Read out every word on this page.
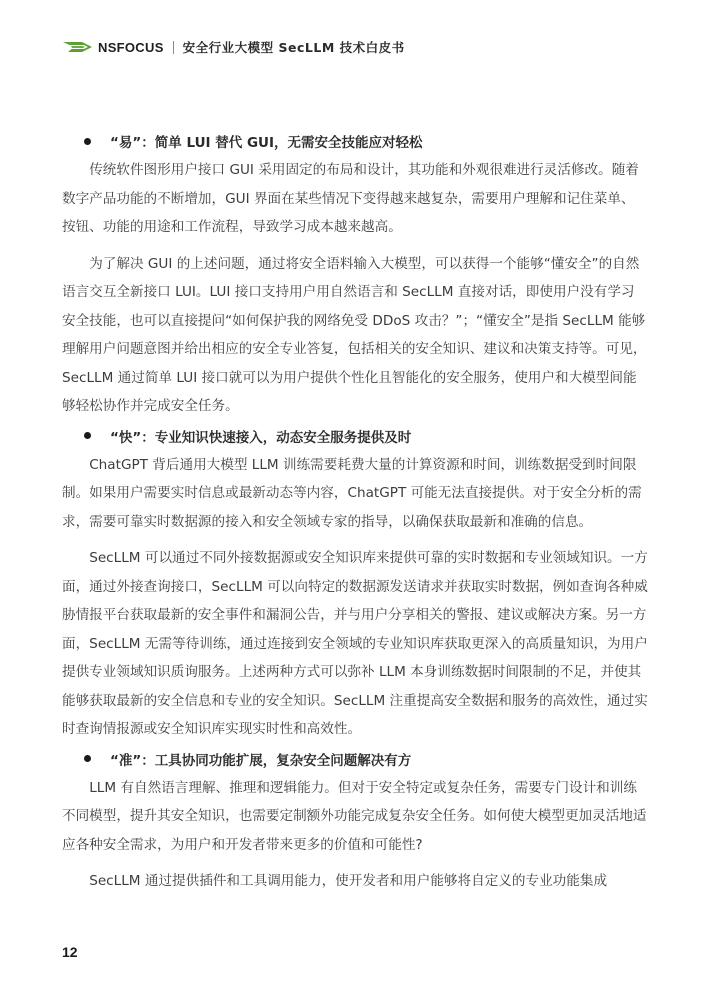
NSFOCUS 安全行业大模型 SecLLM 技术白皮书
“易”：简单 LUI 替代 GUI，无需安全技能应对轻松

传统软件图形用户接口 GUI 采用固定的布局和设计，其功能和外观很难进行灵活修改。随着数字产品功能的不断增加，GUI 界面在某些情况下变得越来越复杂，需要用户理解和记住菜单、按钮、功能的用途和工作流程，导致学习成本越来越高。

为了解决 GUI 的上述问题，通过将安全语料输入大模型，可以获得一个能够“懂安全”的自然语言交互全新接口 LUI。LUI 接口支持用户用自然语言和 SecLLM 直接对话，即使用户没有学习安全技能，也可以直接提问“如何保护我的网络免受 DDoS 攻击？”；“懂安全”是指 SecLLM 能够理解用户问题意图并给出相应的安全专业答复，包括相关的安全知识、建议和决策支持等。可见，SecLLM 通过简单 LUI 接口就可以为用户提供个性化且智能化的安全服务，使用户和大模型间能够轻松协作并完成安全任务。

“快”：专业知识快速接入，动态安全服务提供及时

ChatGPT 背后通用大模型 LLM 训练需要耗费大量的计算资源和时间，训练数据受到时间限制。如果用户需要实时信息或最新动态等内容，ChatGPT 可能无法直接提供。对于安全分析的需求，需要可靠实时数据源的接入和安全领域专家的指导，以确保获取最新和准确的信息。

SecLLM 可以通过不同外接数据源或安全知识库来提供可靠的实时数据和专业领域知识。一方面，通过外接查询接口，SecLLM 可以向特定的数据源发送请求并获取实时数据，例如查询各种威胁情报平台获取最新的安全事件和漏洞公告，并与用户分享相关的警报、建议或解决方案。另一方面，SecLLM 无需等待训练，通过连接到安全领域的专业知识库获取更深入的高质量知识，为用户提供专业领域知识质询服务。上述两种方式可以弥补 LLM 本身训练数据时间限制的不足，并使其能够获取最新的安全信息和专业的安全知识。SecLLM 注重提高安全数据和服务的高效性，通过实时查询情报源或安全知识库实现实时性和高效性。

“准”：工具协同功能扩展，复杂安全问题解决有方

LLM 有自然语言理解、推理和逻辑能力。但对于安全特定或复杂任务，需要专门设计和训练不同模型，提升其安全知识，也需要定制额外功能完成复杂安全任务。如何使大模型更加灵活地适应各种安全需求，为用户和开发者带来更多的价值和可能性?

SecLLM 通过提供插件和工具调用能力，使开发者和用户能够将自定义的专业功能集成

12
